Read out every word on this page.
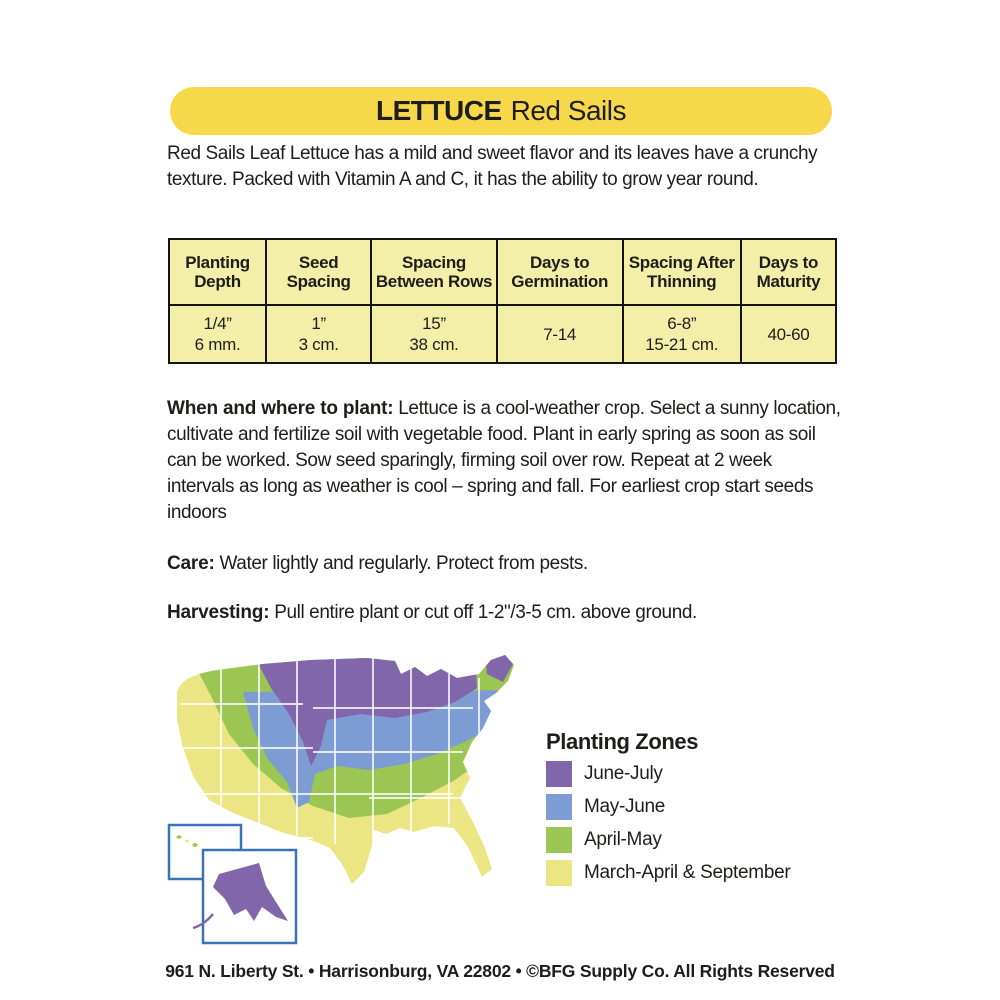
LETTUCE Red Sails
Red Sails Leaf Lettuce has a mild and sweet flavor and its leaves have a crunchy texture. Packed with Vitamin A and C, it has the ability to grow year round.
Planting
Depth
Seed
Spacing
Spacing
Between Rows
Days to
Germination
Spacing After
Thinning
Days to
Maturity
1/4”
6 mm.
1”
3 cm.
15”
38 cm.
7-14
6-8”
15-21 cm.
40-60
When and where to plant: Lettuce is a cool-weather crop. Select a sunny location, cultivate and fertilize soil with vegetable food. Plant in early spring as soon as soil can be worked. Sow seed sparingly, firming soil over row. Repeat at 2 week intervals as long as weather is cool – spring and fall. For earliest crop start seeds indoors
Care: Water lightly and regularly. Protect from pests.
Harvesting: Pull entire plant or cut off 1-2"/3-5 cm. above ground.
Planting Zones
June-July
May-June
April-May
March-April & September
961 N. Liberty St. • Harrisonburg, VA 22802 • ©BFG Supply Co. All Rights Reserved
